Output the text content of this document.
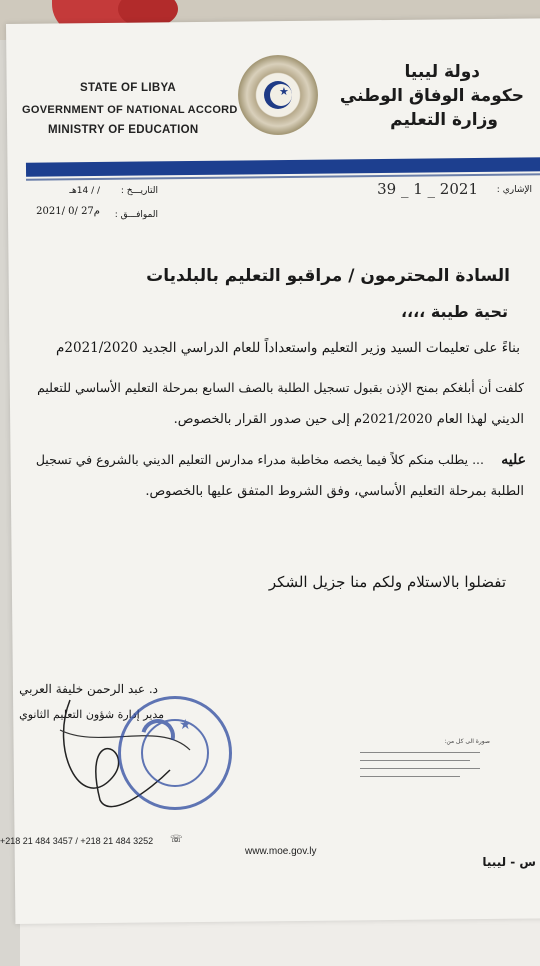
STATE OF LIBYA
GOVERNMENT OF NATIONAL ACCORD
MINISTRY OF EDUCATION
★
دولة ليبيا
حكومة الوفاق الوطني
وزارة التعليم
الإشاري :
39 _ 1 _ 2021
التاريـــخ :
/ / 14هـ
الموافـــق :
2021/ 0/ 27م
السادة المحترمون / مراقبو التعليم بالبلديات
تحية طيبة ،،،،
بناءً على تعليمات السيد وزير التعليم واستعداداً للعام الدراسي الجديد 2021/2020م
كلفت أن أبلغكم بمنح الإذن بقبول تسجيل الطلبة بالصف السابع بمرحلة التعليم الأساسي للتعليم
الديني لهذا العام 2021/2020م إلى حين صدور القرار بالخصوص.
عليه
... يطلب منكم كلاً فيما يخصه مخاطبة مدراء مدارس التعليم الديني بالشروع في تسجيل
الطلبة بمرحلة التعليم الأساسي، وفق الشروط المتفق عليها بالخصوص.
تفضلوا بالاستلام ولكم منا جزيل الشكر
د. عبد الرحمن خليفة العربي
مدير إدارة شؤون التعليم الثانوي
★
صورة الى كل من:
+218 21 484 3457 / +218 21 484 3252 ☏
www.moe.gov.ly
س - ليبيا
